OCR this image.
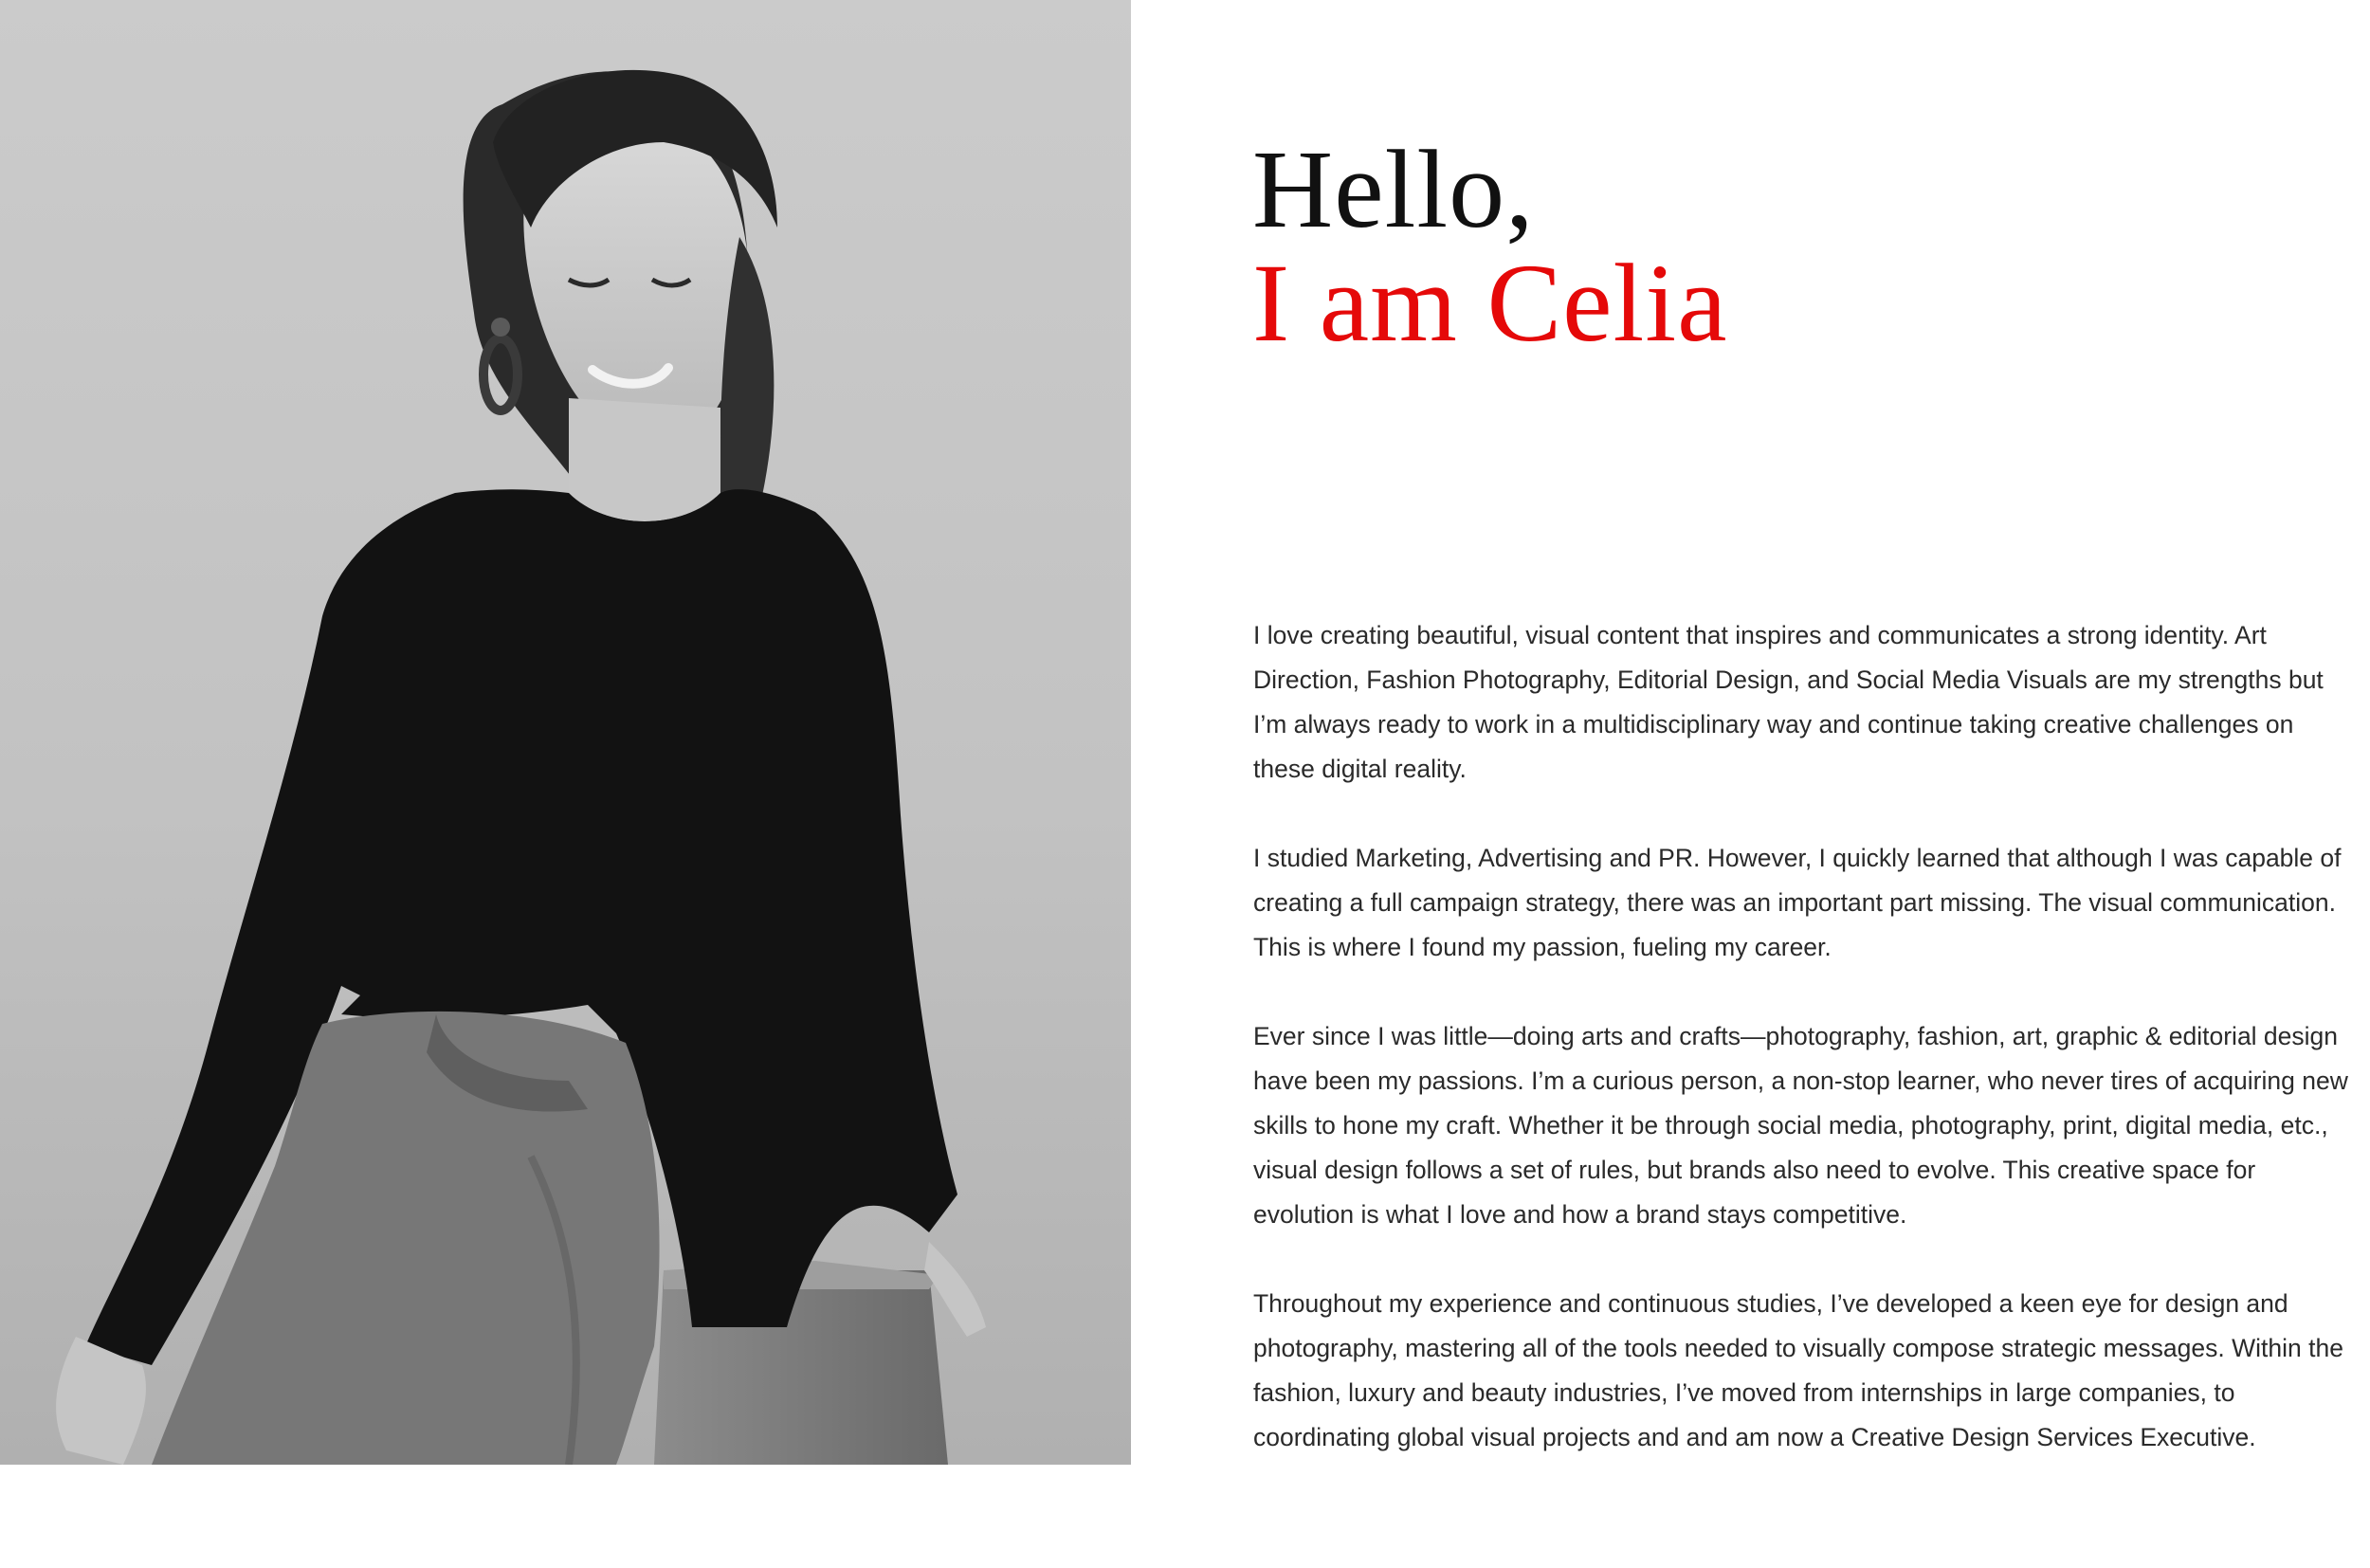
Hello,
I am Celia

I love creating beautiful, visual content that inspires and communicates a strong identity. Art Direction, Fashion Photography, Editorial Design, and Social Media Visuals are my strengths but I’m always ready to work in a multidisciplinary way and continue taking creative challenges on these digital reality.

I studied Marketing, Advertising and PR. However, I quickly learned that although I was capable of creating a full campaign strategy, there was an important part missing. The visual communication. This is where I found my passion, fueling my career.

Ever since I was little—doing arts and crafts—photography, fashion, art, graphic & editorial design have been my passions. I’m a curious person, a non-stop learner, who never tires of acquiring new skills to hone my craft. Whether it be through social media, photography, print, digital media, etc., visual design follows a set of rules, but brands also need to evolve. This creative space for evolution is what I love and how a brand stays competitive.

Throughout my experience and continuous studies, I’ve developed a keen eye for design and photography, mastering all of the tools needed to visually compose strategic messages. Within the fashion, luxury and beauty industries, I’ve moved from internships in large companies, to coordinating global visual projects and and am now a Creative Design Services Executive.
